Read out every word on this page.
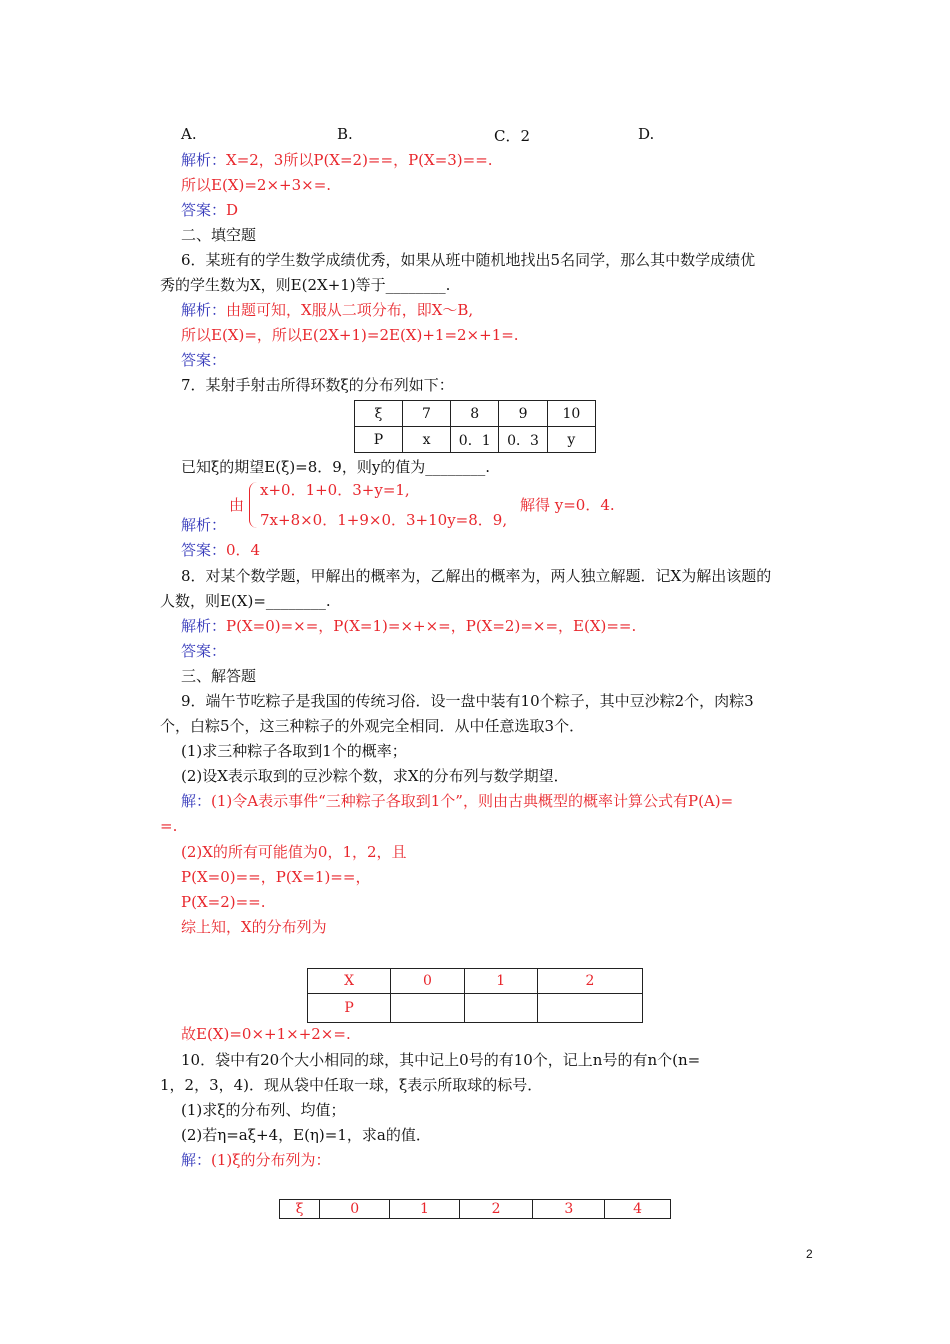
A.	B.	C．2	D.
解析：X=2，3所以P(X=2)==，P(X=3)==.
所以E(X)=2×+3×=.
答案：D
二、填空题
6．某班有的学生数学成绩优秀，如果从班中随机地找出5名同学，那么其中数学成绩优
秀的学生数为X，则E(2X+1)等于________.
解析：由题可知，X服从二项分布，即X～B,
所以E(X)=，所以E(2X+1)=2E(X)+1=2×+1=.
答案：
7．某射手射击所得环数ξ的分布列如下：
ξ	7	8	9	10
P	x	0．1	0．3	y
已知ξ的期望E(ξ)=8．9，则y的值为________.
由
x+0．1+0．3+y=1,
7x+8×0．1+9×0．3+10y=8．9,
解得 y=0．4.
解析：
答案：0．4
8．对某个数学题，甲解出的概率为，乙解出的概率为，两人独立解题．记X为解出该题的
人数，则E(X)=________.
解析：P(X=0)=×=，P(X=1)=×+×=，P(X=2)=×=，E(X)==.
答案：
三、解答题
9．端午节吃粽子是我国的传统习俗．设一盘中装有10个粽子，其中豆沙粽2个，肉粽3
个，白粽5个，这三种粽子的外观完全相同．从中任意选取3个．
(1)求三种粽子各取到1个的概率；
(2)设X表示取到的豆沙粽个数，求X的分布列与数学期望．
解：(1)令A表示事件“三种粽子各取到1个”，则由古典概型的概率计算公式有P(A)=
=.
(2)X的所有可能值为0，1，2，且
P(X=0)==，P(X=1)==，
P(X=2)==.
综上知，X的分布列为
X	0	1	2
P			
故E(X)=0×+1×+2×=.
10．袋中有20个大小相同的球，其中记上0号的有10个，记上n号的有n个(n=
1，2，3，4)．现从袋中任取一球，ξ表示所取球的标号．
(1)求ξ的分布列、均值；
(2)若η=aξ+4，E(η)=1，求a的值．
解：(1)ξ的分布列为：
ξ	0	1	2	3	4
2
